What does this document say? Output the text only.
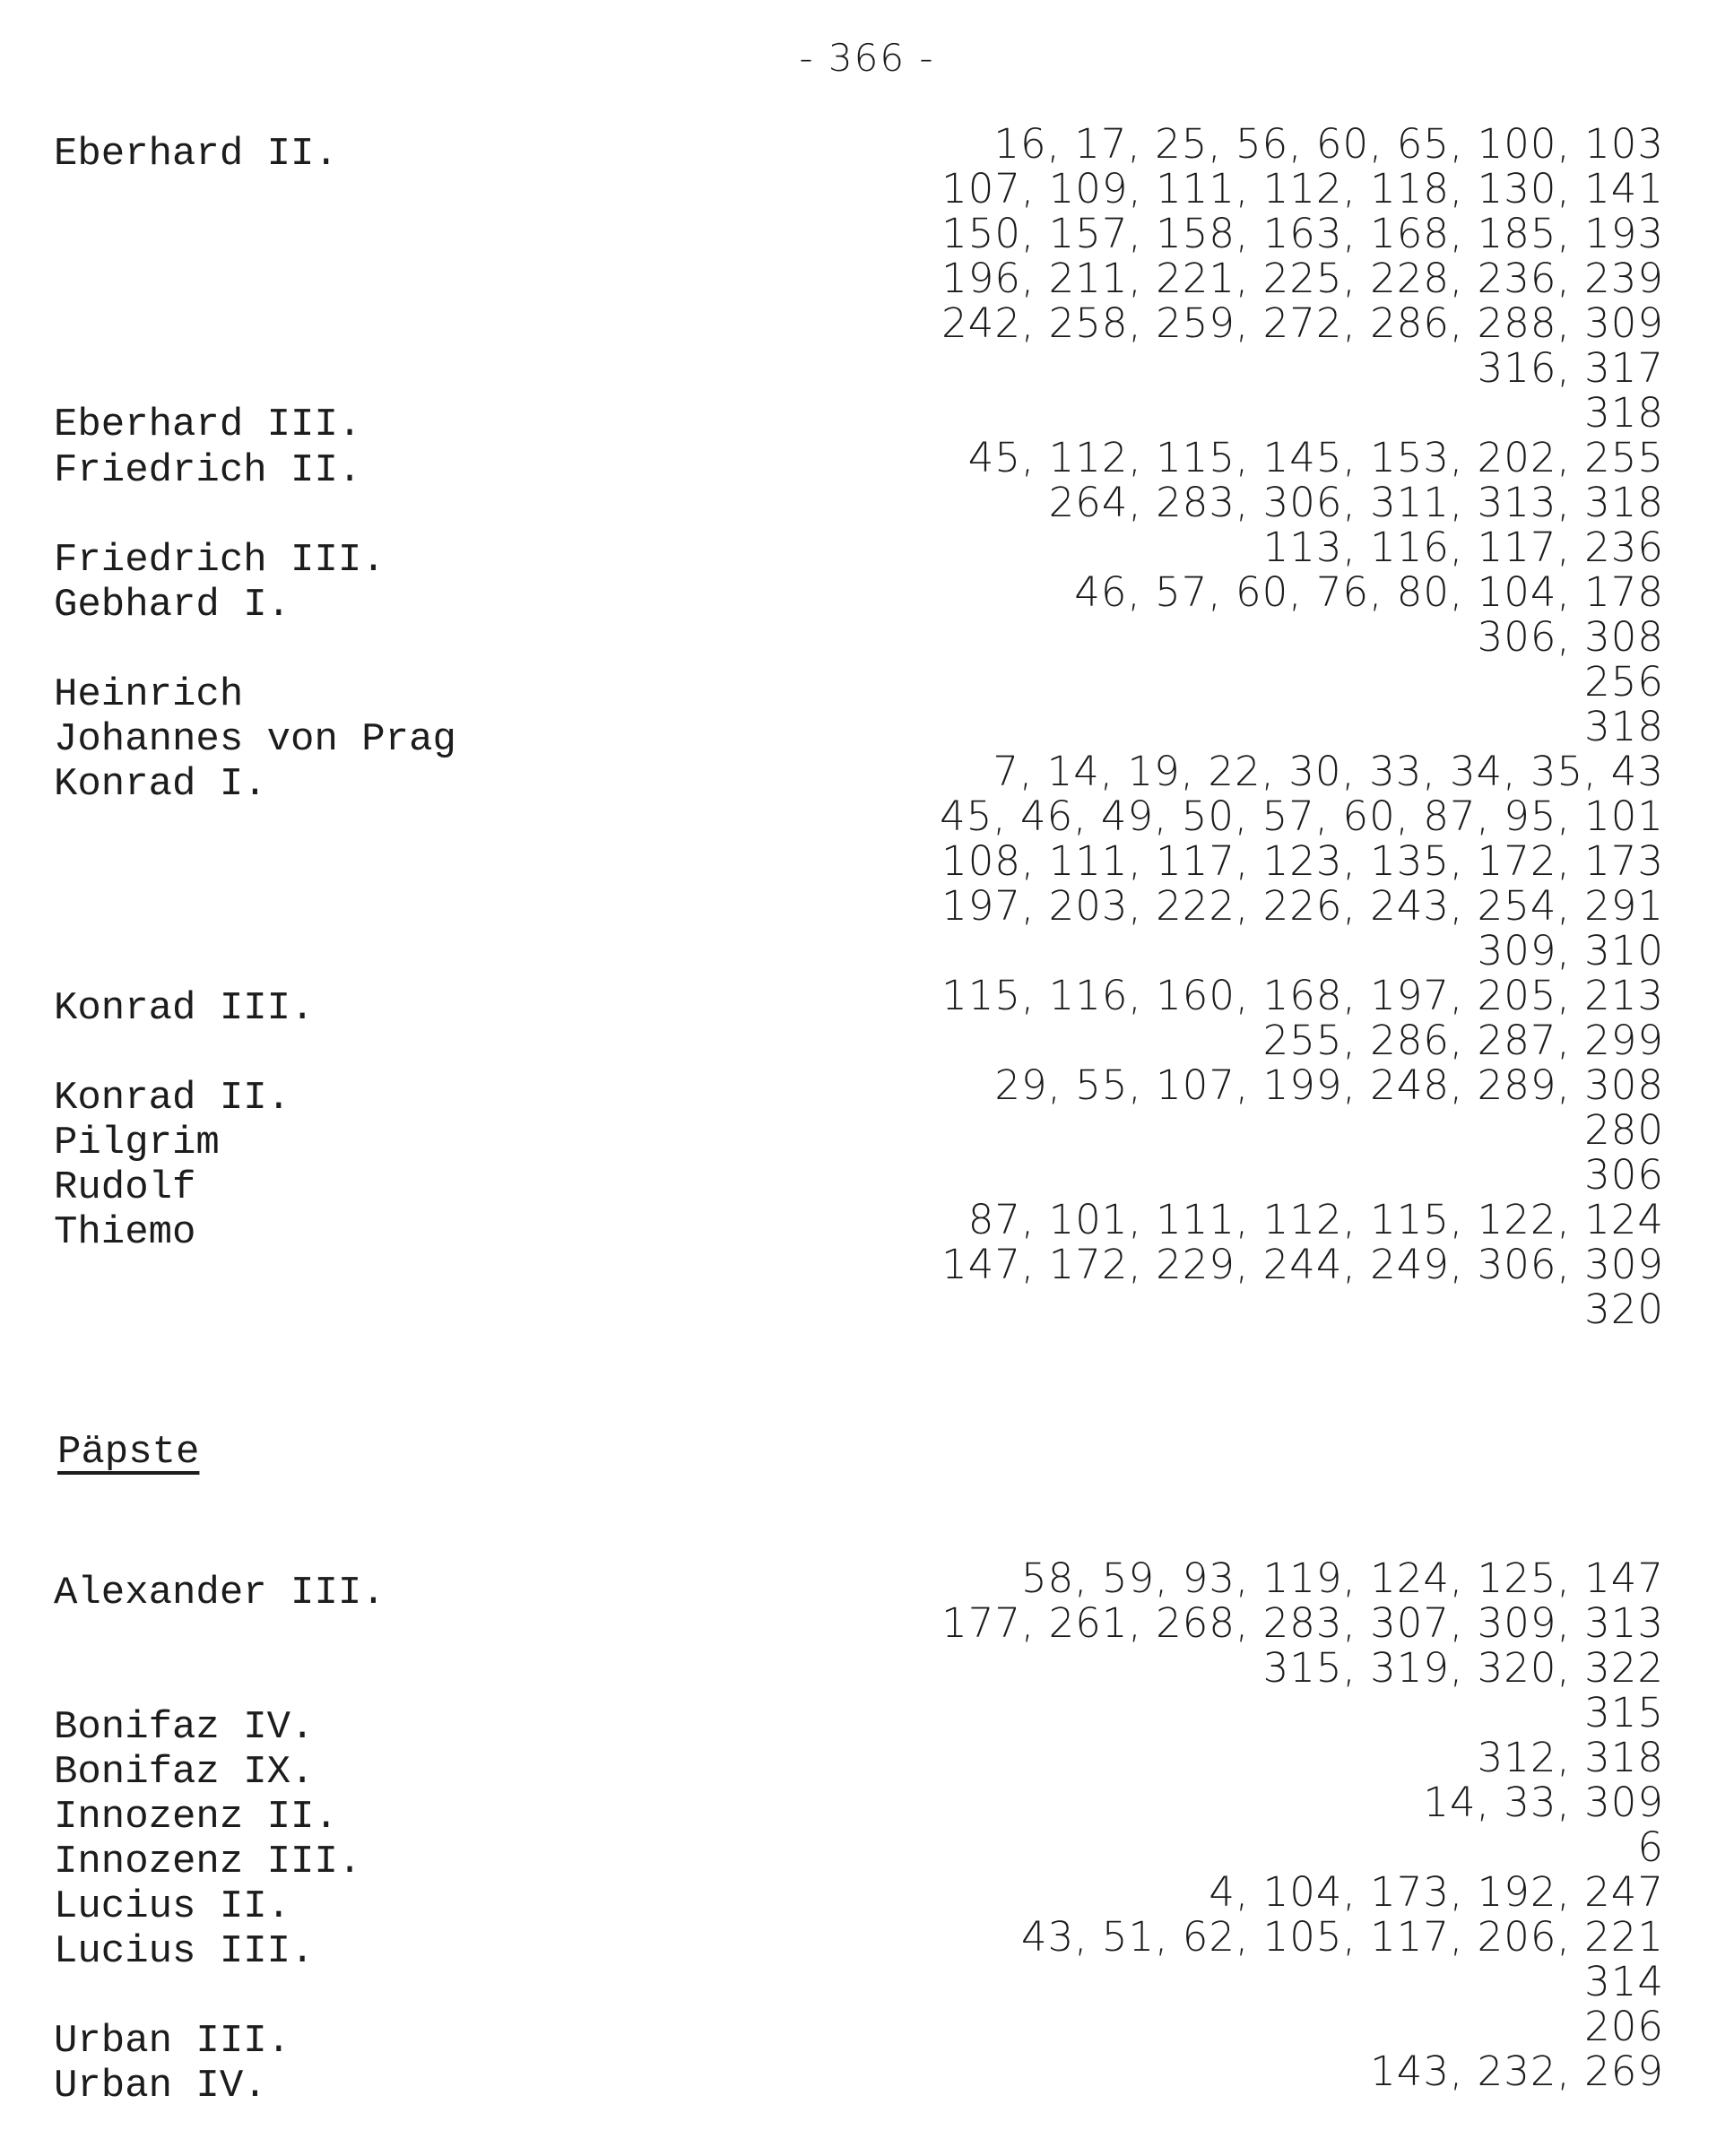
- 366 -
Eberhard II.
Eberhard III.
Friedrich II.
Friedrich III.
Gebhard I.
Heinrich
Johannes von Prag
Konrad I.
Konrad III.
Konrad II.
Pilgrim
Rudolf
Thiemo
Päpste
Alexander III.
Bonifaz IV.
Bonifaz IX.
Innozenz II.
Innozenz III.
Lucius II.
Lucius III.
Urban III.
Urban IV.
16, 17, 25, 56, 60, 65, 100, 103
107, 109, 111, 112, 118, 130, 141
150, 157, 158, 163, 168, 185, 193
196, 211, 221, 225, 228, 236, 239
242, 258, 259, 272, 286, 288, 309
316, 317
318
45, 112, 115, 145, 153, 202, 255
264, 283, 306, 311, 313, 318
113, 116, 117, 236
46, 57, 60, 76, 80, 104, 178
306, 308
256
318
7, 14, 19, 22, 30, 33, 34, 35, 43
45, 46, 49, 50, 57, 60, 87, 95, 101
108, 111, 117, 123, 135, 172, 173
197, 203, 222, 226, 243, 254, 291
309, 310
115, 116, 160, 168, 197, 205, 213
255, 286, 287, 299
29, 55, 107, 199, 248, 289, 308
280
306
87, 101, 111, 112, 115, 122, 124
147, 172, 229, 244, 249, 306, 309
320
58, 59, 93, 119, 124, 125, 147
177, 261, 268, 283, 307, 309, 313
315, 319, 320, 322
315
312, 318
14, 33, 309
6
4, 104, 173, 192, 247
43, 51, 62, 105, 117, 206, 221
314
206
143, 232, 269
